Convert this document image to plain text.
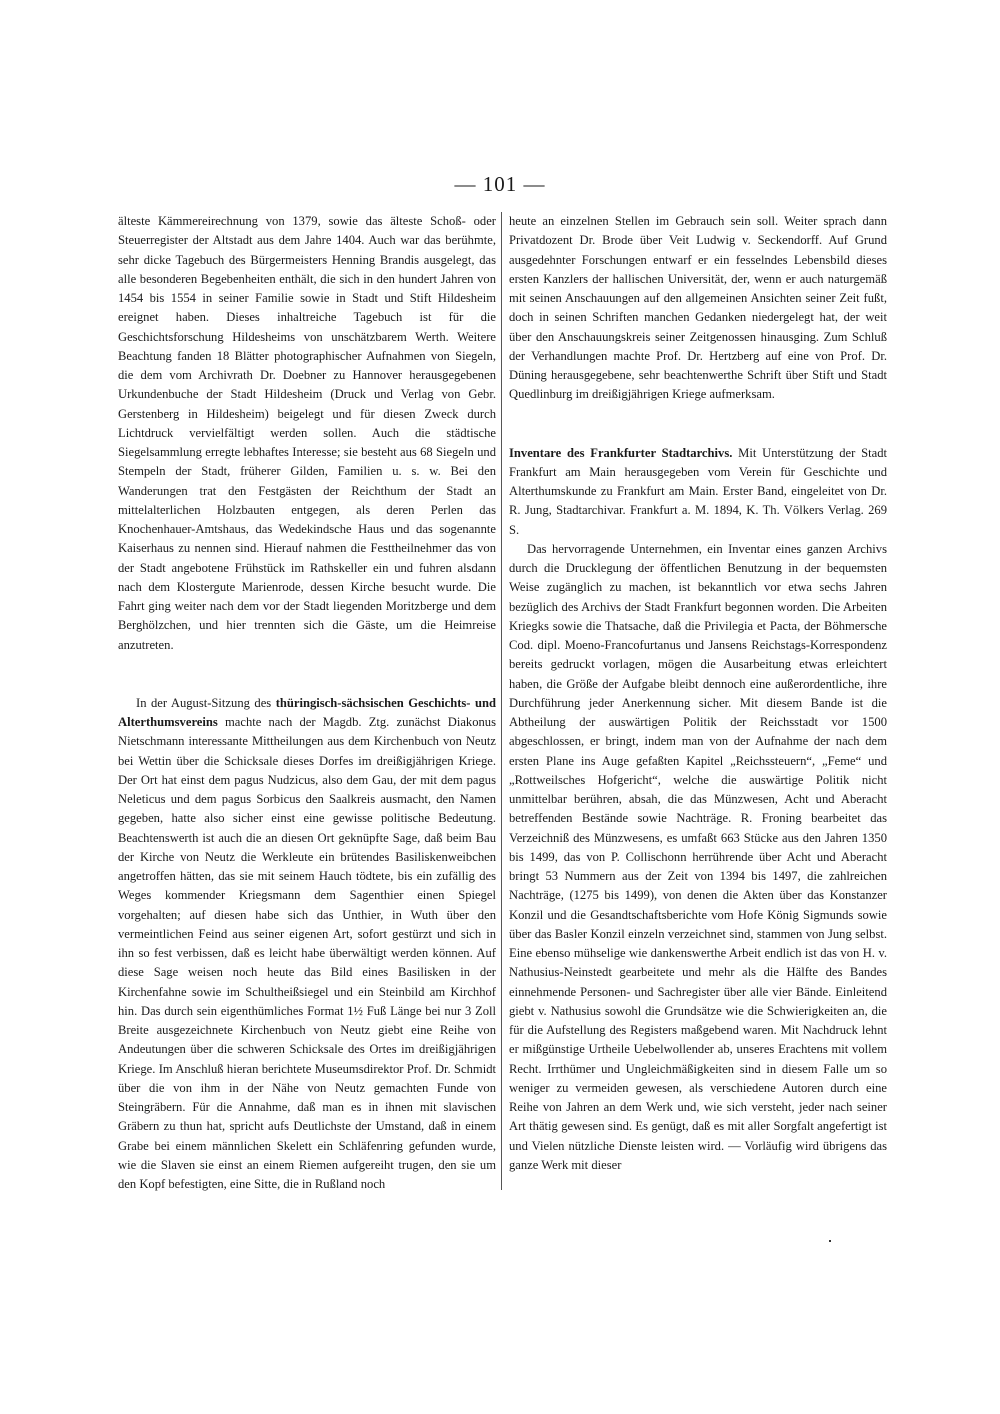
— 101 —

älteste Kämmereirechnung von 1379, sowie das älteste Schoß- oder Steuerregister der Altstadt aus dem Jahre 1404. Auch war das berühmte, sehr dicke Tagebuch des Bürgermeisters Henning Brandis ausgelegt, das alle besonderen Begebenheiten enthält, die sich in den hundert Jahren von 1454 bis 1554 in seiner Familie sowie in Stadt und Stift Hildesheim ereignet haben. Dieses inhaltreiche Tagebuch ist für die Geschichtsforschung Hildesheims von unschätzbarem Werth. Weitere Beachtung fanden 18 Blätter photographischer Aufnahmen von Siegeln, die dem vom Archivrath Dr. Doebner zu Hannover herausgegebenen Urkundenbuche der Stadt Hildesheim (Druck und Verlag von Gebr. Gerstenberg in Hildesheim) beigelegt und für diesen Zweck durch Lichtdruck vervielfältigt werden sollen. Auch die städtische Siegelsammlung erregte lebhaftes Interesse; sie besteht aus 68 Siegeln und Stempeln der Stadt, früherer Gilden, Familien u. s. w. Bei den Wanderungen trat den Festgästen der Reichthum der Stadt an mittelalterlichen Holzbauten entgegen, als deren Perlen das Knochenhauer-Amtshaus, das Wedekindsche Haus und das sogenannte Kaiserhaus zu nennen sind. Hierauf nahmen die Festtheilnehmer das von der Stadt angebotene Frühstück im Rathskeller ein und fuhren alsdann nach dem Klostergute Marienrode, dessen Kirche besucht wurde. Die Fahrt ging weiter nach dem vor der Stadt liegenden Moritzberge und dem Berghölzchen, und hier trennten sich die Gäste, um die Heimreise anzutreten.

In der August-Sitzung des thüringisch-sächsischen Geschichts- und Alterthumsvereins machte nach der Magdb. Ztg. zunächst Diakonus Nietschmann interessante Mittheilungen aus dem Kirchenbuch von Neutz bei Wettin über die Schicksale dieses Dorfes im dreißigjährigen Kriege. Der Ort hat einst dem pagus Nudzicus, also dem Gau, der mit dem pagus Neleticus und dem pagus Sorbicus den Saalkreis ausmacht, den Namen gegeben, hatte also sicher einst eine gewisse politische Bedeutung. Beachtenswerth ist auch die an diesen Ort geknüpfte Sage, daß beim Bau der Kirche von Neutz die Werkleute ein brütendes Basiliskenweibchen angetroffen hätten, das sie mit seinem Hauch tödtete, bis ein zufällig des Weges kommender Kriegsmann dem Sagenthier einen Spiegel vorgehalten; auf diesen habe sich das Unthier, in Wuth über den vermeintlichen Feind aus seiner eigenen Art, sofort gestürzt und sich in ihn so fest verbissen, daß es leicht habe überwältigt werden können. Auf diese Sage weisen noch heute das Bild eines Basilisken in der Kirchenfahne sowie im Schultheißsiegel und ein Steinbild am Kirchhof hin. Das durch sein eigenthümliches Format 1½ Fuß Länge bei nur 3 Zoll Breite ausgezeichnete Kirchenbuch von Neutz giebt eine Reihe von Andeutungen über die schweren Schicksale des Ortes im dreißigjährigen Kriege. Im Anschluß hieran berichtete Museumsdirektor Prof. Dr. Schmidt über die von ihm in der Nähe von Neutz gemachten Funde von Steingräbern. Für die Annahme, daß man es in ihnen mit slavischen Gräbern zu thun hat, spricht aufs Deutlichste der Umstand, daß in einem Grabe bei einem männlichen Skelett ein Schläfenring gefunden wurde, wie die Slaven sie einst an einem Riemen aufgereiht trugen, den sie um den Kopf befestigten, eine Sitte, die in Rußland noch

heute an einzelnen Stellen im Gebrauch sein soll. Weiter sprach dann Privatdozent Dr. Brode über Veit Ludwig v. Seckendorff. Auf Grund ausgedehnter Forschungen entwarf er ein fesselndes Lebensbild dieses ersten Kanzlers der hallischen Universität, der, wenn er auch naturgemäß mit seinen Anschauungen auf den allgemeinen Ansichten seiner Zeit fußt, doch in seinen Schriften manchen Gedanken niedergelegt hat, der weit über den Anschauungskreis seiner Zeitgenossen hinausging. Zum Schluß der Verhandlungen machte Prof. Dr. Hertzberg auf eine von Prof. Dr. Düning herausgegebene, sehr beachtenwerthe Schrift über Stift und Stadt Quedlinburg im dreißigjährigen Kriege aufmerksam.

Inventare des Frankfurter Stadtarchivs. Mit Unterstützung der Stadt Frankfurt am Main herausgegeben vom Verein für Geschichte und Alterthumskunde zu Frankfurt am Main. Erster Band, eingeleitet von Dr. R. Jung, Stadtarchivar. Frankfurt a. M. 1894, K. Th. Völkers Verlag. 269 S.

Das hervorragende Unternehmen, ein Inventar eines ganzen Archivs durch die Drucklegung der öffentlichen Benutzung in der bequemsten Weise zugänglich zu machen, ist bekanntlich vor etwa sechs Jahren bezüglich des Archivs der Stadt Frankfurt begonnen worden. Die Arbeiten Kriegks sowie die Thatsache, daß die Privilegia et Pacta, der Böhmersche Cod. dipl. Moeno-Francofurtanus und Jansens Reichstags-Korrespondenz bereits gedruckt vorlagen, mögen die Ausarbeitung etwas erleichtert haben, die Größe der Aufgabe bleibt dennoch eine außerordentliche, ihre Durchführung jeder Anerkennung sicher. Mit diesem Bande ist die Abtheilung der auswärtigen Politik der Reichsstadt vor 1500 abgeschlossen, er bringt, indem man von der Aufnahme der nach dem ersten Plane ins Auge gefaßten Kapitel „Reichssteuern“, „Feme“ und „Rottweilsches Hofgericht“, welche die auswärtige Politik nicht unmittelbar berühren, absah, die das Münzwesen, Acht und Aberacht betreffenden Bestände sowie Nachträge. R. Froning bearbeitet das Verzeichniß des Münzwesens, es umfaßt 663 Stücke aus den Jahren 1350 bis 1499, das von P. Collischonn herrührende über Acht und Aberacht bringt 53 Nummern aus der Zeit von 1394 bis 1497, die zahlreichen Nachträge, (1275 bis 1499), von denen die Akten über das Konstanzer Konzil und die Gesandtschaftsberichte vom Hofe König Sigmunds sowie über das Basler Konzil einzeln verzeichnet sind, stammen von Jung selbst. Eine ebenso mühselige wie dankenswerthe Arbeit endlich ist das von H. v. Nathusius-Neinstedt gearbeitete und mehr als die Hälfte des Bandes einnehmende Personen- und Sachregister über alle vier Bände. Einleitend giebt v. Nathusius sowohl die Grundsätze wie die Schwierigkeiten an, die für die Aufstellung des Registers maßgebend waren. Mit Nachdruck lehnt er mißgünstige Urtheile Uebelwollender ab, unseres Erachtens mit vollem Recht. Irrthümer und Ungleichmäßigkeiten sind in diesem Falle um so weniger zu vermeiden gewesen, als verschiedene Autoren durch eine Reihe von Jahren an dem Werk und, wie sich versteht, jeder nach seiner Art thätig gewesen sind. Es genügt, daß es mit aller Sorgfalt angefertigt ist und Vielen nützliche Dienste leisten wird. — Vorläufig wird übrigens das ganze Werk mit dieser
